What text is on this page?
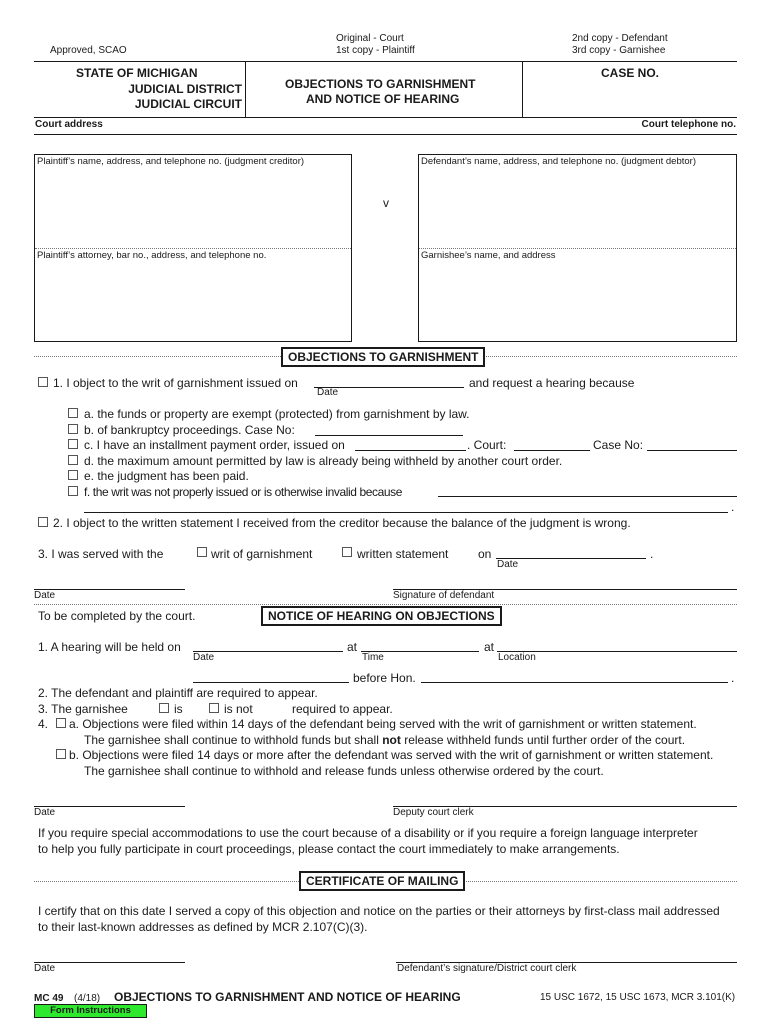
Approved, SCAO
Original - Court
1st copy - Plaintiff
2nd copy - Defendant
3rd copy - Garnishee
STATE OF MICHIGAN
JUDICIAL DISTRICT
JUDICIAL CIRCUIT
OBJECTIONS TO GARNISHMENT
AND NOTICE OF HEARING
CASE NO.
Court address	Court telephone no.
Plaintiff’s name, address, and telephone no. (judgment creditor)
Plaintiff’s attorney, bar no., address, and telephone no.
v
Defendant’s name, address, and telephone no. (judgment debtor)
Garnishee’s name, and address
OBJECTIONS TO GARNISHMENT
1. I object to the writ of garnishment issued on
Date
and request a hearing because
a. the funds or property are exempt (protected) from garnishment by law.
b. of bankruptcy proceedings. Case No:
c. I have an installment payment order, issued on	. Court:	Case No:
d. the maximum amount permitted by law is already being withheld by another court order.
e. the judgment has been paid.
f. the writ was not properly issued or is otherwise invalid because
.
2. I object to the written statement I received from the creditor because the balance of the judgment is wrong.
3. I was served with the	writ of garnishment	written statement on
Date
.
Date	Signature of defendant
To be completed by the court.	NOTICE OF HEARING ON OBJECTIONS
1. A hearing will be held on
Date
at
Time
at
Location
before Hon.	.
2. The defendant and plaintiff are required to appear.
3. The garnishee	is	is not	required to appear.
4. a. Objections were filed within 14 days of the defendant being served with the writ of garnishment or written statement.
The garnishee shall continue to withhold funds but shall not release withheld funds until further order of the court.
b. Objections were filed 14 days or more after the defendant was served with the writ of garnishment or written statement.
The garnishee shall continue to withhold and release funds unless otherwise ordered by the court.
Date	Deputy court clerk
If you require special accommodations to use the court because of a disability or if you require a foreign language interpreter
to help you fully participate in court proceedings, please contact the court immediately to make arrangements.
CERTIFICATE OF MAILING
I certify that on this date I served a copy of this objection and notice on the parties or their attorneys by first-class mail addressed
to their last-known addresses as defined by MCR 2.107(C)(3).
Date	Defendant’s signature/District court clerk
MC 49 (4/18) OBJECTIONS TO GARNISHMENT AND NOTICE OF HEARING	15 USC 1672, 15 USC 1673, MCR 3.101(K)
Form Instructions
